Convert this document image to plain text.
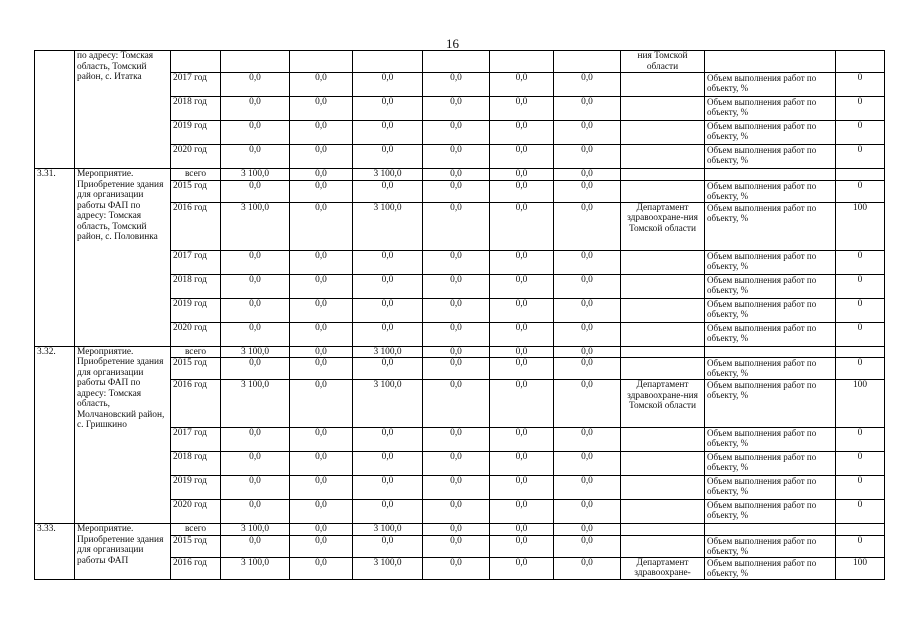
16
	по адресу: Томская область, Томский район, с. Итатка								ния Томской области		
		2017 год	0,0	0,0	0,0	0,0	0,0	0,0		Объем выполнения работ по объекту, %	0
		2018 год	0,0	0,0	0,0	0,0	0,0	0,0		Объем выполнения работ по объекту, %	0
		2019 год	0,0	0,0	0,0	0,0	0,0	0,0		Объем выполнения работ по объекту, %	0
		2020 год	0,0	0,0	0,0	0,0	0,0	0,0		Объем выполнения работ по объекту, %	0
3.31.	Мероприятие. Приобретение здания для организации работы ФАП по адресу: Томская область, Томский район, с. Половинка	всего	3 100,0	0,0	3 100,0	0,0	0,0	0,0			
		2015 год	0,0	0,0	0,0	0,0	0,0	0,0		Объем выполнения работ по объекту, %	0
		2016 год	3 100,0	0,0	3 100,0	0,0	0,0	0,0	Департамент здравоохране-ния Томской области	Объем выполнения работ по объекту, %	100
		2017 год	0,0	0,0	0,0	0,0	0,0	0,0		Объем выполнения работ по объекту, %	0
		2018 год	0,0	0,0	0,0	0,0	0,0	0,0		Объем выполнения работ по объекту, %	0
		2019 год	0,0	0,0	0,0	0,0	0,0	0,0		Объем выполнения работ по объекту, %	0
		2020 год	0,0	0,0	0,0	0,0	0,0	0,0		Объем выполнения работ по объекту, %	0
3.32.	Мероприятие. Приобретение здания для организации работы ФАП по адресу: Томская область, Молчановский район, с. Гришкино	всего	3 100,0	0,0	3 100,0	0,0	0,0	0,0			
		2015 год	0,0	0,0	0,0	0,0	0,0	0,0		Объем выполнения работ по объекту, %	0
		2016 год	3 100,0	0,0	3 100,0	0,0	0,0	0,0	Департамент здравоохране-ния Томской области	Объем выполнения работ по объекту, %	100
		2017 год	0,0	0,0	0,0	0,0	0,0	0,0		Объем выполнения работ по объекту, %	0
		2018 год	0,0	0,0	0,0	0,0	0,0	0,0		Объем выполнения работ по объекту, %	0
		2019 год	0,0	0,0	0,0	0,0	0,0	0,0		Объем выполнения работ по объекту, %	0
		2020 год	0,0	0,0	0,0	0,0	0,0	0,0		Объем выполнения работ по объекту, %	0
3.33.	Мероприятие. Приобретение здания для организации работы ФАП	всего	3 100,0	0,0	3 100,0	0,0	0,0	0,0			
		2015 год	0,0	0,0	0,0	0,0	0,0	0,0		Объем выполнения работ по объекту, %	0
		2016 год	3 100,0	0,0	3 100,0	0,0	0,0	0,0	Департамент здравоохране-	Объем выполнения работ по объекту, %	100
